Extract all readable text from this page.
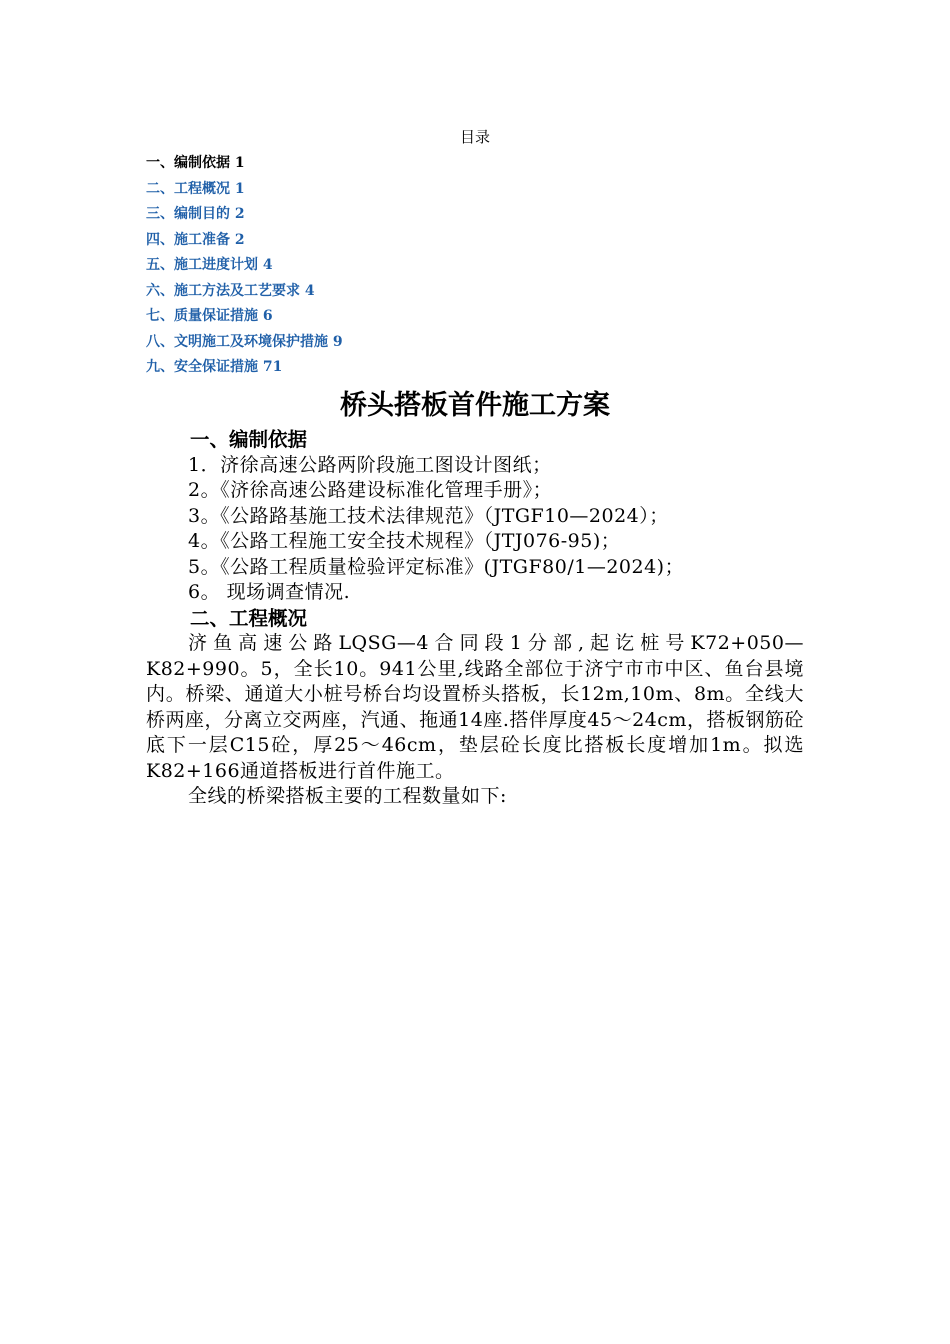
目录
一、编制依据 1
二、工程概况 1
三、编制目的 2
四、施工准备 2
五、施工进度计划 4
六、施工方法及工艺要求 4
七、质量保证措施 6
八、文明施工及环境保护措施 9
九、安全保证措施 71
桥头搭板首件施工方案
一、编制依据
1．济徐高速公路两阶段施工图设计图纸；
2。《济徐高速公路建设标准化管理手册》；
3。《公路路基施工技术法律规范》（JTGF10—2024）；
4。《公路工程施工安全技术规程》（JTJ076-95)；
5。《公路工程质量检验评定标准》(JTGF80/1—2024)；
6。 现场调查情况.
二、工程概况
济鱼高速公路LQSG—4合同段1分部,起讫桩号K72+050—K82+990。5，全长10。941公里,线路全部位于济宁市市中区、鱼台县境内。桥梁、通道大小桩号桥台均设置桥头搭板，长12m,10m、8m。全线大桥两座，分离立交两座，汽通、拖通14座.搭伴厚度45～24cm，搭板钢筋砼底下一层C15砼，厚25～46cm，垫层砼长度比搭板长度增加1m。拟选K82+166通道搭板进行首件施工。
全线的桥梁搭板主要的工程数量如下:
